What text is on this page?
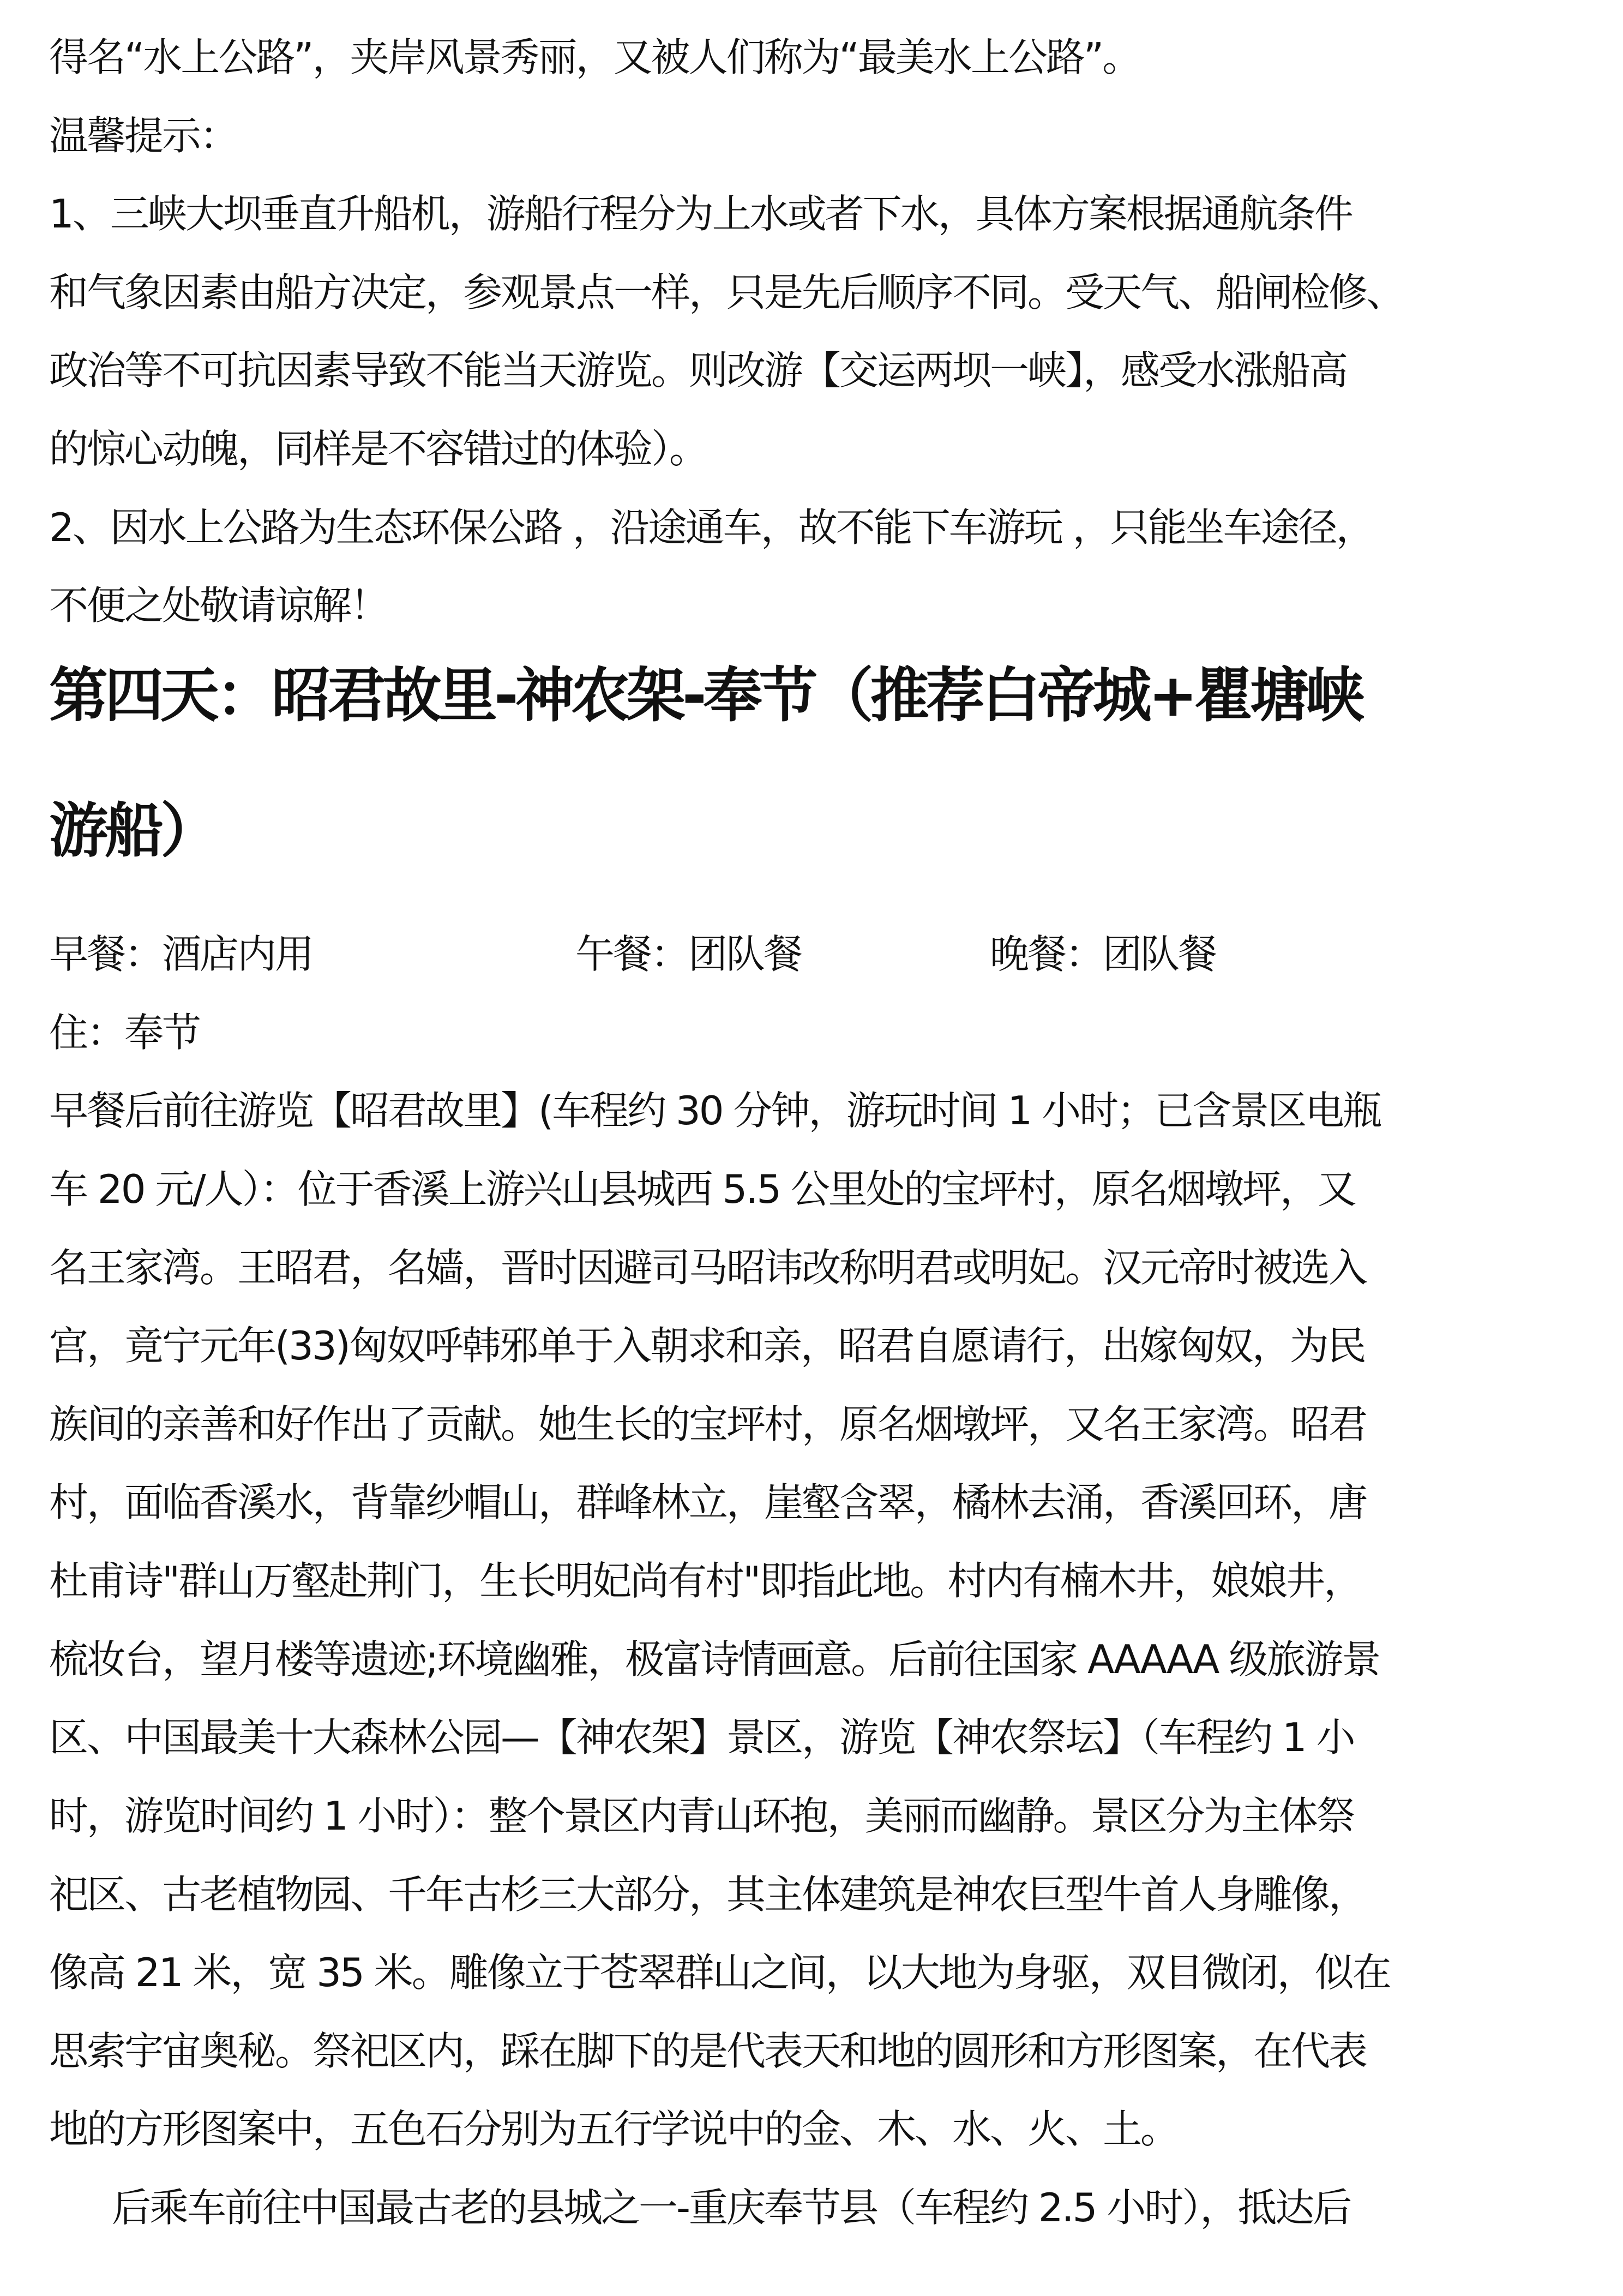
得名“水上公路”，夹岸风景秀丽，又被人们称为“最美水上公路”。
温馨提示：
1、三峡大坝垂直升船机，游船行程分为上水或者下水，具体方案根据通航条件
和气象因素由船方决定，参观景点一样，只是先后顺序不同。受天气、船闸检修、
政治等不可抗因素导致不能当天游览。则改游【交运两坝一峡】，感受水涨船高
的惊心动魄，同样是不容错过的体验）。
2、因水上公路为生态环保公路 ，沿途通车，故不能下车游玩 ，只能坐车途径，
不便之处敬请谅解！
第四天：昭君故里-神农架-奉节（推荐白帝城+瞿塘峡
游船）
早餐：酒店内用	午餐：团队餐	晚餐：团队餐
住：奉节
早餐后前往游览【昭君故里】(车程约 30 分钟，游玩时间 1 小时；已含景区电瓶
车 20 元/人）：位于香溪上游兴山县城西 5.5 公里处的宝坪村，原名烟墩坪，又
名王家湾。王昭君，名嫱，晋时因避司马昭讳改称明君或明妃。汉元帝时被选入
宫，竟宁元年(33)匈奴呼韩邪单于入朝求和亲，昭君自愿请行，出嫁匈奴，为民
族间的亲善和好作出了贡献。她生长的宝坪村，原名烟墩坪，又名王家湾。昭君
村，面临香溪水，背靠纱帽山，群峰林立，崖壑含翠，橘林去涌，香溪回环，唐
杜甫诗"群山万壑赴荆门，生长明妃尚有村"即指此地。村内有楠木井，娘娘井，
梳妆台，望月楼等遗迹;环境幽雅，极富诗情画意。后前往国家 AAAAA 级旅游景
区、中国最美十大森林公园—【神农架】景区，游览【神农祭坛】（车程约 1 小
时，游览时间约 1 小时）：整个景区内青山环抱，美丽而幽静。景区分为主体祭
祀区、古老植物园、千年古杉三大部分，其主体建筑是神农巨型牛首人身雕像，
像高 21 米，宽 35 米。雕像立于苍翠群山之间，以大地为身驱，双目微闭，似在
思索宇宙奥秘。祭祀区内，踩在脚下的是代表天和地的圆形和方形图案，在代表
地的方形图案中，五色石分别为五行学说中的金、木、水、火、土。
后乘车前往中国最古老的县城之一-重庆奉节县（车程约 2.5 小时），抵达后
